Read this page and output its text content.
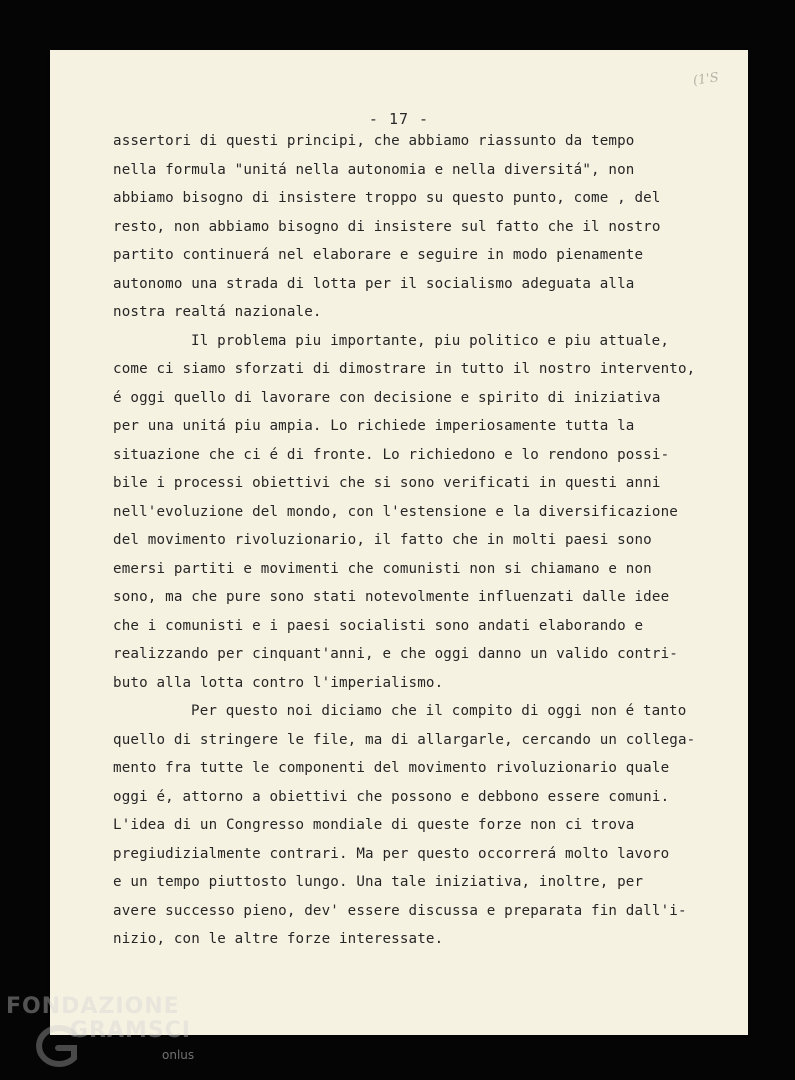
(1'S
- 17 -
assertori di questi principi, che abbiamo riassunto da tempo
nella formula "unitá nella autonomia e nella diversitá", non
abbiamo bisogno di insistere troppo su questo punto, come , del
resto, non abbiamo bisogno di insistere sul fatto che il nostro
partito continuerá nel elaborare e seguire in modo pienamente
autonomo una strada di lotta per il socialismo adeguata alla
nostra realtá nazionale.
Il problema piu importante, piu politico e piu attuale,
come ci siamo sforzati di dimostrare in tutto il nostro intervento,
é oggi quello di lavorare con decisione e spirito di iniziativa
per una unitá piu ampia. Lo richiede imperiosamente tutta la
situazione che ci é di fronte. Lo richiedono e lo rendono possi-
bile i processi obiettivi che si sono verificati in questi anni
nell'evoluzione del mondo, con l'estensione e la diversificazione
del movimento rivoluzionario, il fatto che in molti paesi sono
emersi partiti e movimenti che comunisti non si chiamano e non
sono, ma che pure sono stati notevolmente influenzati dalle idee
che i comunisti e i paesi socialisti sono andati elaborando e
realizzando per cinquant'anni, e che oggi danno un valido contri-
buto alla lotta contro l'imperialismo.
Per questo noi diciamo che il compito di oggi non é tanto
quello di stringere le file, ma di allargarle, cercando un collega-
mento fra tutte le componenti del movimento rivoluzionario quale
oggi é, attorno a obiettivi che possono e debbono essere comuni.
L'idea di un Congresso mondiale di queste forze non ci trova
pregiudizialmente contrari. Ma per questo occorrerá molto lavoro
e un tempo piuttosto lungo. Una tale iniziativa, inoltre, per
avere successo pieno, dev' essere discussa e preparata fin dall'i-
nizio, con le altre forze interessate.
FONDAZIONE
GRAMSCI
onlus
